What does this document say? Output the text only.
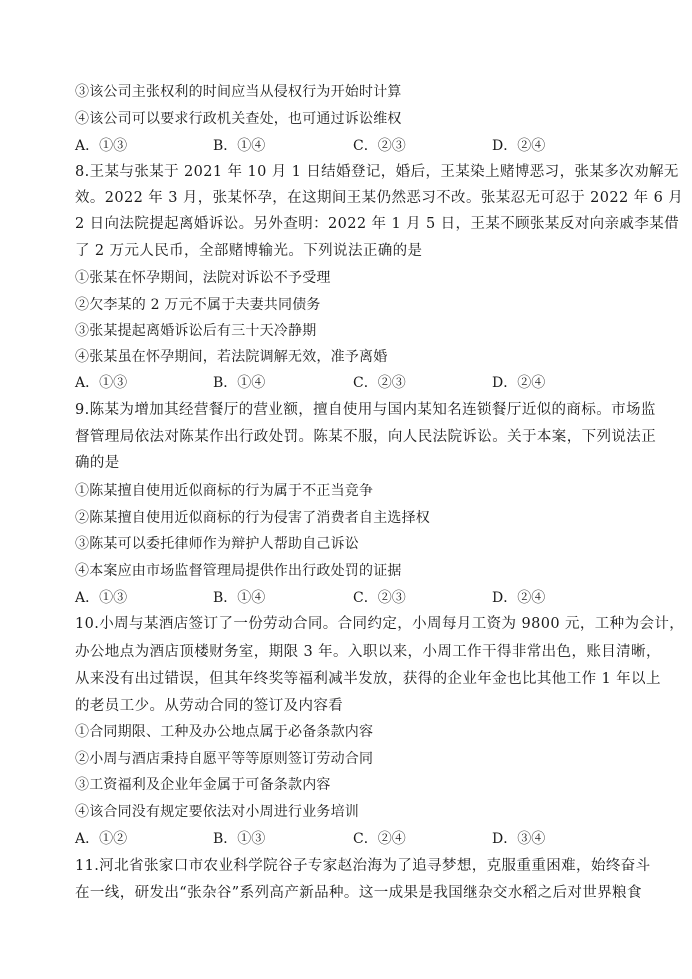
③该公司主张权利的时间应当从侵权行为开始时计算
④该公司可以要求行政机关查处，也可通过诉讼维权
A．①③	B．①④	C．②③	D．②④
8.王某与张某于 2021 年 10 月 1 日结婚登记，婚后，王某染上赌博恶习，张某多次劝解无
效。2022 年 3 月，张某怀孕，在这期间王某仍然恶习不改。张某忍无可忍于 2022 年 6 月
2 日向法院提起离婚诉讼。另外查明：2022 年 1 月 5 日，王某不顾张某反对向亲戚李某借
了 2 万元人民币，全部赌博输光。下列说法正确的是
①张某在怀孕期间，法院对诉讼不予受理
②欠李某的 2 万元不属于夫妻共同债务
③张某提起离婚诉讼后有三十天冷静期
④张某虽在怀孕期间，若法院调解无效，准予离婚
A．①③	B．①④	C．②③	D．②④
9.陈某为增加其经营餐厅的营业额，擅自使用与国内某知名连锁餐厅近似的商标。市场监
督管理局依法对陈某作出行政处罚。陈某不服，向人民法院诉讼。关于本案，下列说法正
确的是
①陈某擅自使用近似商标的行为属于不正当竞争
②陈某擅自使用近似商标的行为侵害了消费者自主选择权
③陈某可以委托律师作为辩护人帮助自己诉讼
④本案应由市场监督管理局提供作出行政处罚的证据
A．①③	B．①④	C．②③	D．②④
10.小周与某酒店签订了一份劳动合同。合同约定，小周每月工资为 9800 元，工种为会计，
办公地点为酒店顶楼财务室，期限 3 年。入职以来，小周工作干得非常出色，账目清晰，
从来没有出过错误，但其年终奖等福利减半发放，获得的企业年金也比其他工作 1 年以上
的老员工少。从劳动合同的签订及内容看
①合同期限、工种及办公地点属于必备条款内容
②小周与酒店秉持自愿平等等原则签订劳动合同
③工资福利及企业年金属于可备条款内容
④该合同没有规定要依法对小周进行业务培训
A．①②	B．①③	C．②④	D．③④
11.河北省张家口市农业科学院谷子专家赵治海为了追寻梦想，克服重重困难，始终奋斗
在一线，研发出“张杂谷”系列高产新品种。这一成果是我国继杂交水稻之后对世界粮食
